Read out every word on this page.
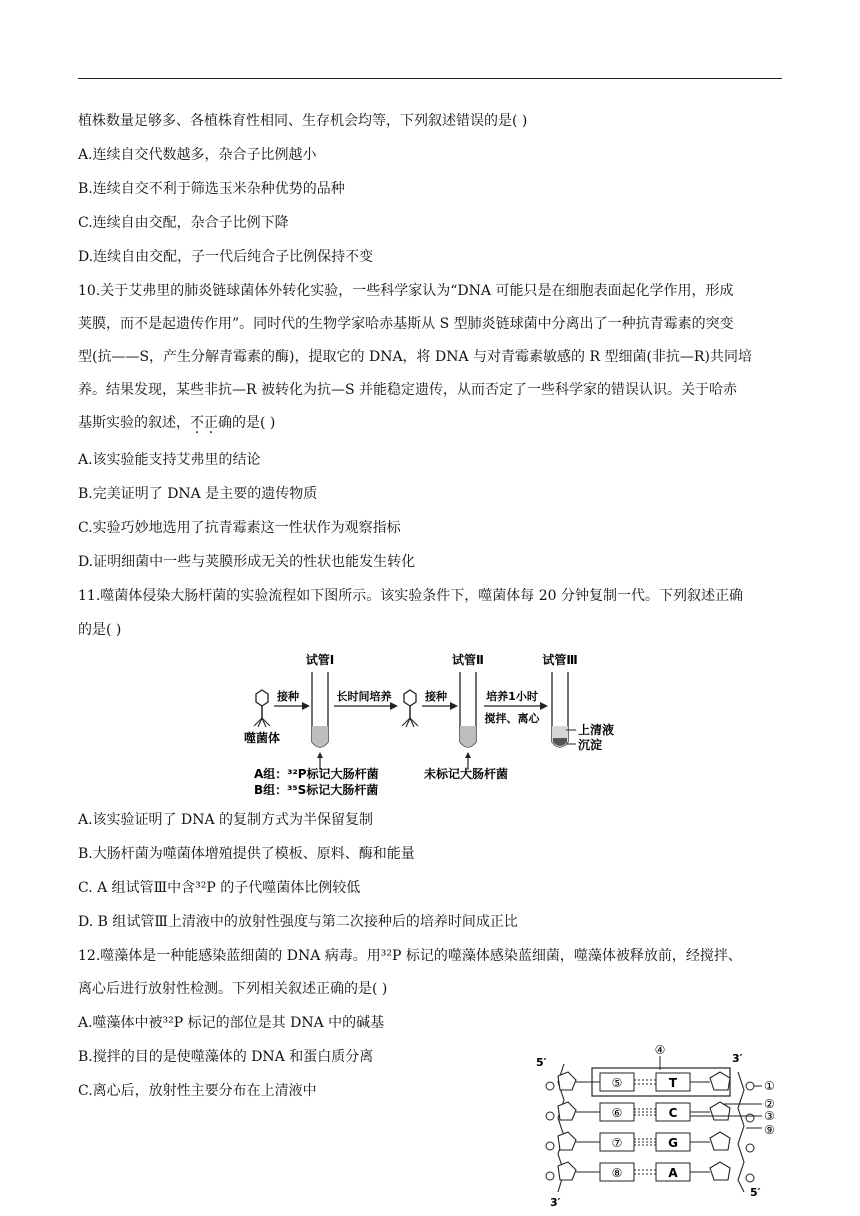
植株数量足够多、各植株育性相同、生存机会均等，下列叙述错误的是( )
A.连续自交代数越多，杂合子比例越小
B.连续自交不利于筛选玉米杂种优势的品种
C.连续自由交配，杂合子比例下降
D.连续自由交配，子一代后纯合子比例保持不变
10.关于艾弗里的肺炎链球菌体外转化实验，一些科学家认为“DNA 可能只是在细胞表面起化学作用，形成
荚膜，而不是起遗传作用”。同时代的生物学家哈赤基斯从 S 型肺炎链球菌中分离出了一种抗青霉素的突变
型(抗——S，产生分解青霉素的酶)，提取它的 DNA，将 DNA 与对青霉素敏感的 R 型细菌(非抗—R)共同培
养。结果发现，某些非抗—R 被转化为抗—S 并能稳定遗传，从而否定了一些科学家的错误认识。关于哈赤
基斯实验的叙述，不正确的是( )
A.该实验能支持艾弗里的结论
B.完美证明了 DNA 是主要的遗传物质
C.实验巧妙地选用了抗青霉素这一性状作为观察指标
D.证明细菌中一些与荚膜形成无关的性状也能发生转化
11.噬菌体侵染大肠杆菌的实验流程如下图所示。该实验条件下，噬菌体每 20 分钟复制一代。下列叙述正确
的是( )
试管Ⅰ	试管Ⅱ	试管Ⅲ
噬菌体
接种	长时间培养	接种	培养1小时
搅拌、离心
上清液
沉淀
A组：³²P标记大肠杆菌
B组：³⁵S标记大肠杆菌
未标记大肠杆菌
A.该实验证明了 DNA 的复制方式为半保留复制
B.大肠杆菌为噬菌体增殖提供了模板、原料、酶和能量
C. A 组试管Ⅲ中含³²P 的子代噬菌体比例较低
D. B 组试管Ⅲ上清液中的放射性强度与第二次接种后的培养时间成正比
12.噬藻体是一种能感染蓝细菌的 DNA 病毒。用³²P 标记的噬藻体感染蓝细菌，噬藻体被释放前，经搅拌、
离心后进行放射性检测。下列相关叙述正确的是( )
A.噬藻体中被³²P 标记的部位是其 DNA 中的碱基
B.搅拌的目的是使噬藻体的 DNA 和蛋白质分离
C.离心后，放射性主要分布在上清液中
5′	3′
3′
5′
④
⑤	T
⑥	C
⑦	G
⑧	A
①
②
③
⑨
